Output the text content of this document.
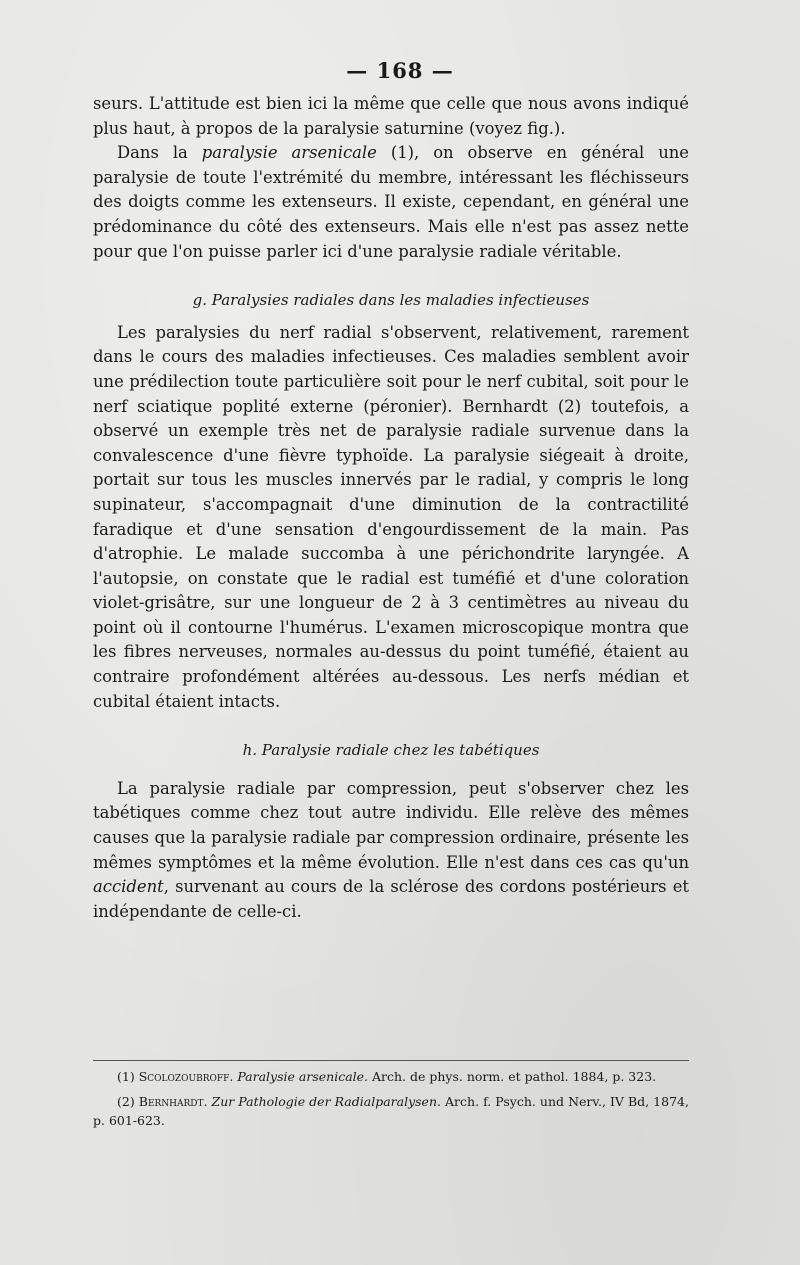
— 168 —

seurs. L'attitude est bien ici la même que celle que nous avons indiqué plus haut, à propos de la paralysie saturnine (voyez fig.).

Dans la paralysie arsenicale (1), on observe en général une paralysie de toute l'extrémité du membre, intéressant les fléchisseurs des doigts comme les extenseurs. Il existe, cependant, en général une prédominance du côté des extenseurs. Mais elle n'est pas assez nette pour que l'on puisse parler ici d'une paralysie radiale véritable.

g. Paralysies radiales dans les maladies infectieuses

Les paralysies du nerf radial s'observent, relativement, rarement dans le cours des maladies infectieuses. Ces maladies semblent avoir une prédilection toute particulière soit pour le nerf cubital, soit pour le nerf sciatique poplité externe (péronier). Bernhardt (2) toutefois, a observé un exemple très net de paralysie radiale survenue dans la convalescence d'une fièvre typhoïde. La paralysie siégeait à droite, portait sur tous les muscles innervés par le radial, y compris le long supinateur, s'accompagnait d'une diminution de la contractilité faradique et d'une sensation d'engourdissement de la main. Pas d'atrophie. Le malade succomba à une périchondrite laryngée. A l'autopsie, on constate que le radial est tuméfié et d'une coloration violet-grisâtre, sur une longueur de 2 à 3 centimètres au niveau du point où il contourne l'humérus. L'examen microscopique montra que les fibres nerveuses, normales au-dessus du point tuméfié, étaient au contraire profondément altérées au-dessous. Les nerfs médian et cubital étaient intacts.

h. Paralysie radiale chez les tabétiques

La paralysie radiale par compression, peut s'observer chez les tabétiques comme chez tout autre individu. Elle relève des mêmes causes que la paralysie radiale par compression ordinaire, présente les mêmes symptômes et la même évolution. Elle n'est dans ces cas qu'un accident, survenant au cours de la sclérose des cordons postérieurs et indépendante de celle-ci.

(1) Scolozoubroff. Paralysie arsenicale. Arch. de phys. norm. et pathol. 1884, p. 323.

(2) Bernhardt. Zur Pathologie der Radialparalysen. Arch. f. Psych. und Nerv., IV Bd, 1874, p. 601-623.
